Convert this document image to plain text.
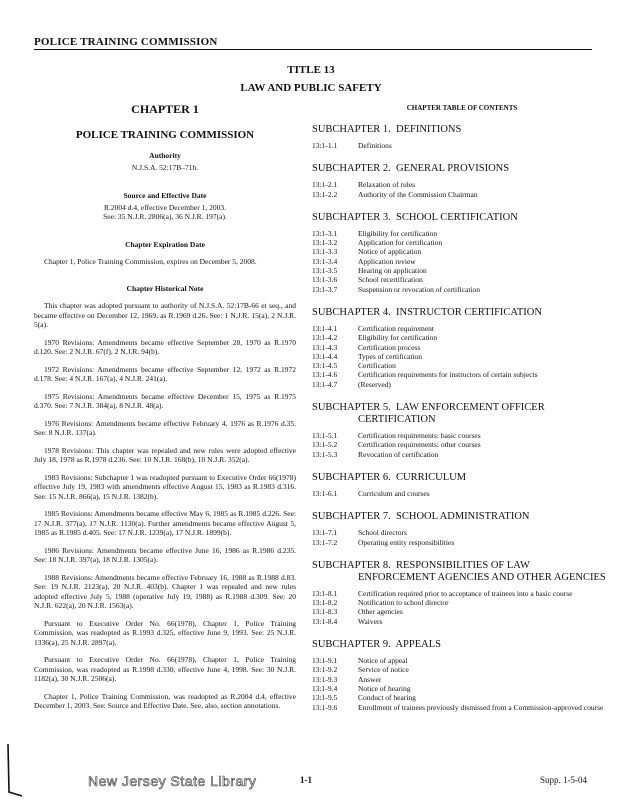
POLICE TRAINING COMMISSION
TITLE 13
LAW AND PUBLIC SAFETY
CHAPTER 1
POLICE TRAINING COMMISSION
Authority
N.J.S.A. 52:17B–71h.
Source and Effective Date
R.2004 d.4, effective December 1, 2003.
See: 35 N.J.R. 2806(a), 36 N.J.R. 197(a).
Chapter Expiration Date
Chapter 1, Police Training Commission, expires on December 5, 2008.
Chapter Historical Note
This chapter was adopted pursuant to authority of N.J.S.A. 52:17B-66 et seq., and became effective on December 12, 1969, as R.1969 d.26. See: 1 N.J.R. 15(a), 2 N.J.R. 5(a).
1970 Revisions: Amendments became effective September 28, 1970 as R.1970 d.120. See: 2 N.J.R. 67(f), 2 N.J.R. 94(b).
1972 Revisions: Amendments became effective September 12, 1972 as R.1972 d.178. See: 4 N.J.R. 167(a), 4 N.J.R. 241(a).
1975 Revisions: Amendments became effective December 15, 1975 as R.1975 d.370. See: 7 N.J.R. 384(a), 8 N.J.R. 48(a).
1976 Revisions: Amendments became effective February 4, 1976 as R.1976 d.35. See: 8 N.J.R. 137(a).
1978 Revisions: This chapter was repealed and new rules were adopted effective July 18, 1978 as R.1978 d.236. See: 10 N.J.R. 168(b), 10 N.J.R. 352(a).
1983 Revisions: Subchapter 1 was readopted pursuant to Executive Order 66(1978) effective July 19, 1983 with amendments effective August 15, 1983 as R.1983 d.316. See: 15 N.J.R. 866(a), 15 N.J.R. 1382(b).
1985 Revisions: Amendments became effective May 6, 1985 as R.1985 d.226. See: 17 N.J.R. 377(a), 17 N.J.R. 1130(a). Further amendments became effective August 5, 1985 as R.1985 d.405. See: 17 N.J.R. 1239(a), 17 N.J.R. 1899(b).
1986 Revisions: Amendments became effective June 16, 1986 as R.1986 d.235. See: 18 N.J.R. 397(a), 18 N.J.R. 1305(a).
1988 Revisions: Amendments became effective February 16, 1988 as R.1988 d.83. See: 19 N.J.R. 2123(a), 20 N.J.R. 403(b). Chapter 1 was repealed and new rules adopted effective July 5, 1988 (operative July 19, 1988) as R.1988 d.309. See: 20 N.J.R. 622(a), 20 N.J.R. 1563(a).
Pursuant to Executive Order No. 66(1978), Chapter 1, Police Training Commission, was readopted as R.1993 d.325, effective June 9, 1993. See: 25 N.J.R. 1336(a), 25 N.J.R. 2897(a).
Pursuant to Executive Order No. 66(1978), Chapter 1, Police Training Commission, was readopted as R.1998 d.330, effective June 4, 1998. See: 30 N.J.R. 1182(a), 30 N.J.R. 2506(a).
Chapter 1, Police Training Commission, was readopted as R.2004 d.4, effective December 1, 2003. See: Source and Effective Date. See, also, section annotations.
CHAPTER TABLE OF CONTENTS
SUBCHAPTER 1.  DEFINITIONS
13:1-1.1	Definitions
SUBCHAPTER 2.  GENERAL PROVISIONS
13:1-2.1	Relaxation of rules
13:1-2.2	Authority of the Commission Chairman
SUBCHAPTER 3.  SCHOOL CERTIFICATION
13:1-3.1	Eligibility for certification
13:1-3.2	Application for certification
13:1-3.3	Notice of application
13:1-3.4	Application review
13:1-3.5	Hearing on application
13:1-3.6	School recertification
13:1-3.7	Suspension or revocation of certification
SUBCHAPTER 4.  INSTRUCTOR CERTIFICATION
13:1-4.1	Certification requirement
13:1-4.2	Eligibility for certification
13:1-4.3	Certification process
13:1-4.4	Types of certification
13:1-4.5	Certification
13:1-4.6	Certification requirements for instructors of certain subjects
13:1-4.7	(Reserved)
SUBCHAPTER 5.  LAW ENFORCEMENT OFFICER
CERTIFICATION
13:1-5.1	Certification requirements: basic courses
13:1-5.2	Certification requirements: other courses
13:1-5.3	Revocation of certification
SUBCHAPTER 6.  CURRICULUM
13:1-6.1	Curriculum and courses
SUBCHAPTER 7.  SCHOOL ADMINISTRATION
13:1-7.1	School directors
13:1-7.2	Operating entity responsibilities
SUBCHAPTER 8.  RESPONSIBILITIES OF LAW
ENFORCEMENT AGENCIES AND OTHER AGENCIES
13:1-8.1	Certification required prior to acceptance of trainees into a basic course
13:1-8.2	Notification to school director
13:1-8.3	Other agencies
13:1-8.4	Waivers
SUBCHAPTER 9.  APPEALS
13:1-9.1	Notice of appeal
13:1-9.2	Service of notice
13:1-9.3	Answer
13:1-9.4	Notice of hearing
13:1-9.5	Conduct of hearing
13:1-9.6	Enrollment of trainees previously dismissed from a Commission-approved course
New Jersey State Library	1-1	Supp. 1-5-04
